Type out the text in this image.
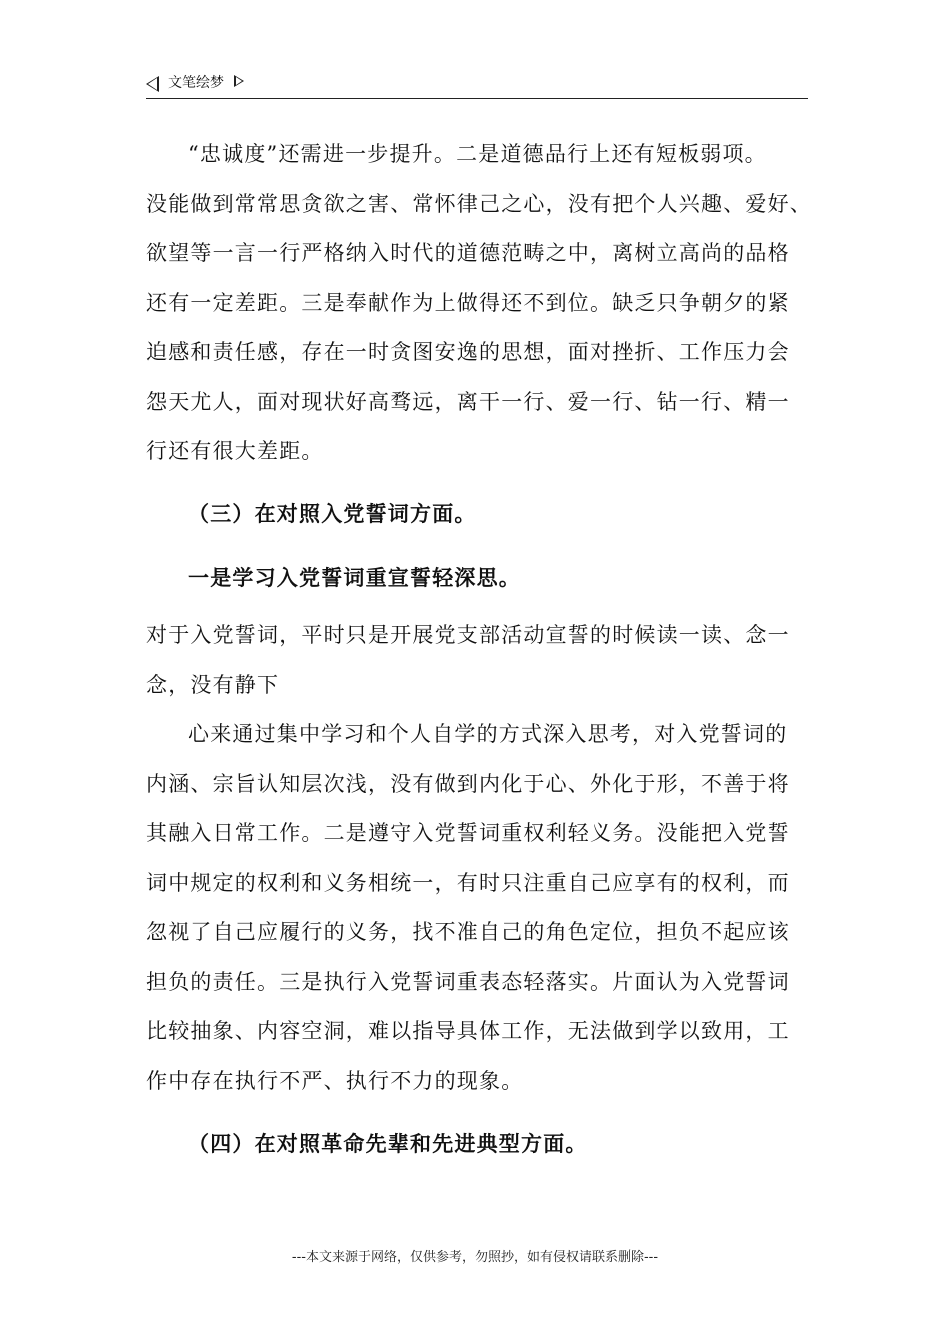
文笔绘梦
“忠诚度”还需进一步提升。二是道德品行上还有短板弱项。
没能做到常常思贪欲之害、常怀律己之心，没有把个人兴趣、爱好、
欲望等一言一行严格纳入时代的道德范畴之中，离树立高尚的品格
还有一定差距。三是奉献作为上做得还不到位。缺乏只争朝夕的紧
迫感和责任感，存在一时贪图安逸的思想，面对挫折、工作压力会
怨天尤人，面对现状好高骛远，离干一行、爱一行、钻一行、精一
行还有很大差距。
（三）在对照入党誓词方面。
一是学习入党誓词重宣誓轻深思。
对于入党誓词，平时只是开展党支部活动宣誓的时候读一读、念一
念，没有静下
心来通过集中学习和个人自学的方式深入思考，对入党誓词的
内涵、宗旨认知层次浅，没有做到内化于心、外化于形，不善于将
其融入日常工作。二是遵守入党誓词重权利轻义务。没能把入党誓
词中规定的权利和义务相统一，有时只注重自己应享有的权利，而
忽视了自己应履行的义务，找不准自己的角色定位，担负不起应该
担负的责任。三是执行入党誓词重表态轻落实。片面认为入党誓词
比较抽象、内容空洞，难以指导具体工作，无法做到学以致用，工
作中存在执行不严、执行不力的现象。
（四）在对照革命先辈和先进典型方面。
---本文来源于网络，仅供参考，勿照抄，如有侵权请联系删除---
